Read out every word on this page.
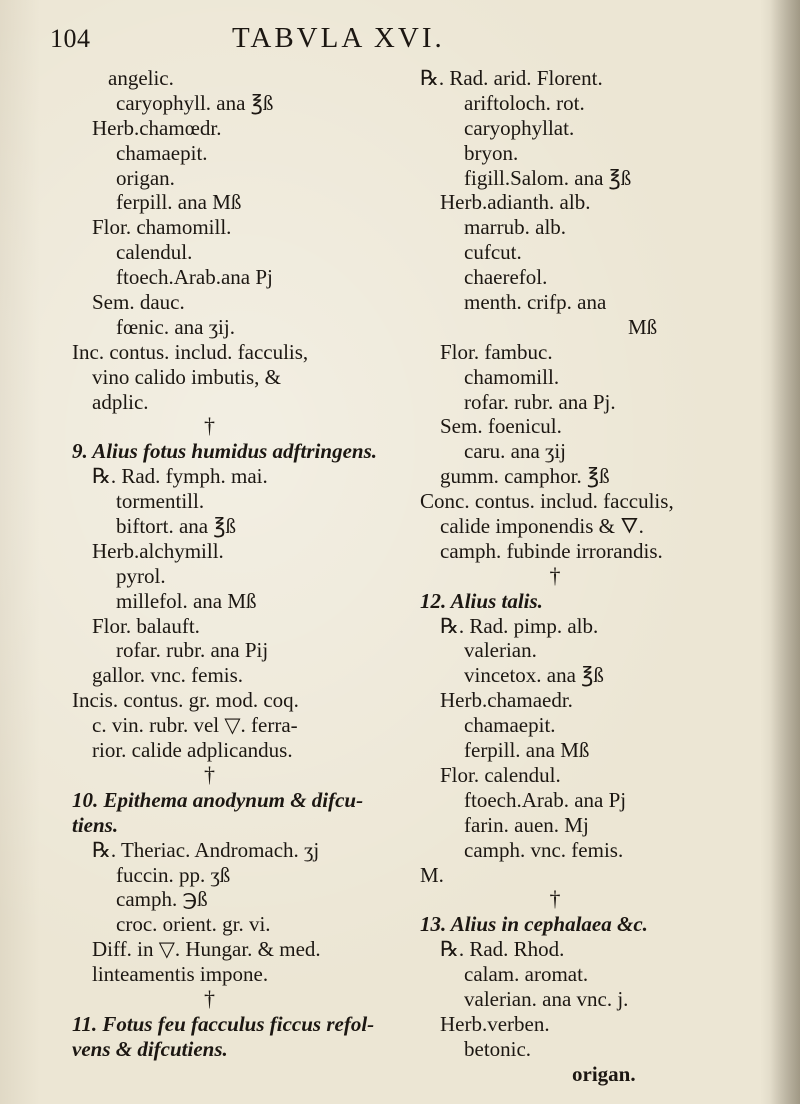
104	TABVLA XVI.
angelic.
caryophyll. ana ℥ß
Herb.chamœdr.
chamaepit.
origan.
ferpill. ana Mß
Flor. chamomill.
calendul.
ftoech.Arab.ana Pj
Sem. dauc.
fœnic. ana ʒij.
Inc. contus. includ. facculis,
vino calido imbutis, &
adplic.
†
9. Alius fotus humidus adftringens.
℞. Rad. fymph. mai.
tormentill.
biftort. ana ℥ß
Herb.alchymill.
pyrol.
millefol. ana Mß
Flor. balauft.
rofar. rubr. ana Pij
gallor. vnc. femis.
Incis. contus. gr. mod. coq.
c. vin. rubr. vel ▽. ferra-
rior. calide adplicandus.
†
10. Epithema anodynum & difcu-
tiens.
℞. Theriac. Andromach. ʒj
fuccin. pp. ʒß
camph. ℈ß
croc. orient. gr. vi.
Diff. in ▽. Hungar. & med.
linteamentis impone.
†
11. Fotus feu facculus ficcus refol-
vens & difcutiens.
℞. Rad. arid. Florent.
ariftoloch. rot.
caryophyllat.
bryon.
figill.Salom. ana ℥ß
Herb.adianth. alb.
marrub. alb.
cufcut.
chaerefol.
menth. crifp. ana
Mß
Flor. fambuc.
chamomill.
rofar. rubr. ana Pj.
Sem. foenicul.
caru. ana ʒij
gumm. camphor. ℥ß
Conc. contus. includ. facculis,
calide imponendis & 🜄.
camph. fubinde irrorandis.
†
12. Alius talis.
℞. Rad. pimp. alb.
valerian.
vincetox. ana ℥ß
Herb.chamaedr.
chamaepit.
ferpill. ana Mß
Flor. calendul.
ftoech.Arab. ana Pj
farin. auen. Mj
camph. vnc. femis.
M.
†
13. Alius in cephalaea &c.
℞. Rad. Rhod.
calam. aromat.
valerian. ana vnc. j.
Herb.verben.
betonic.
origan.
